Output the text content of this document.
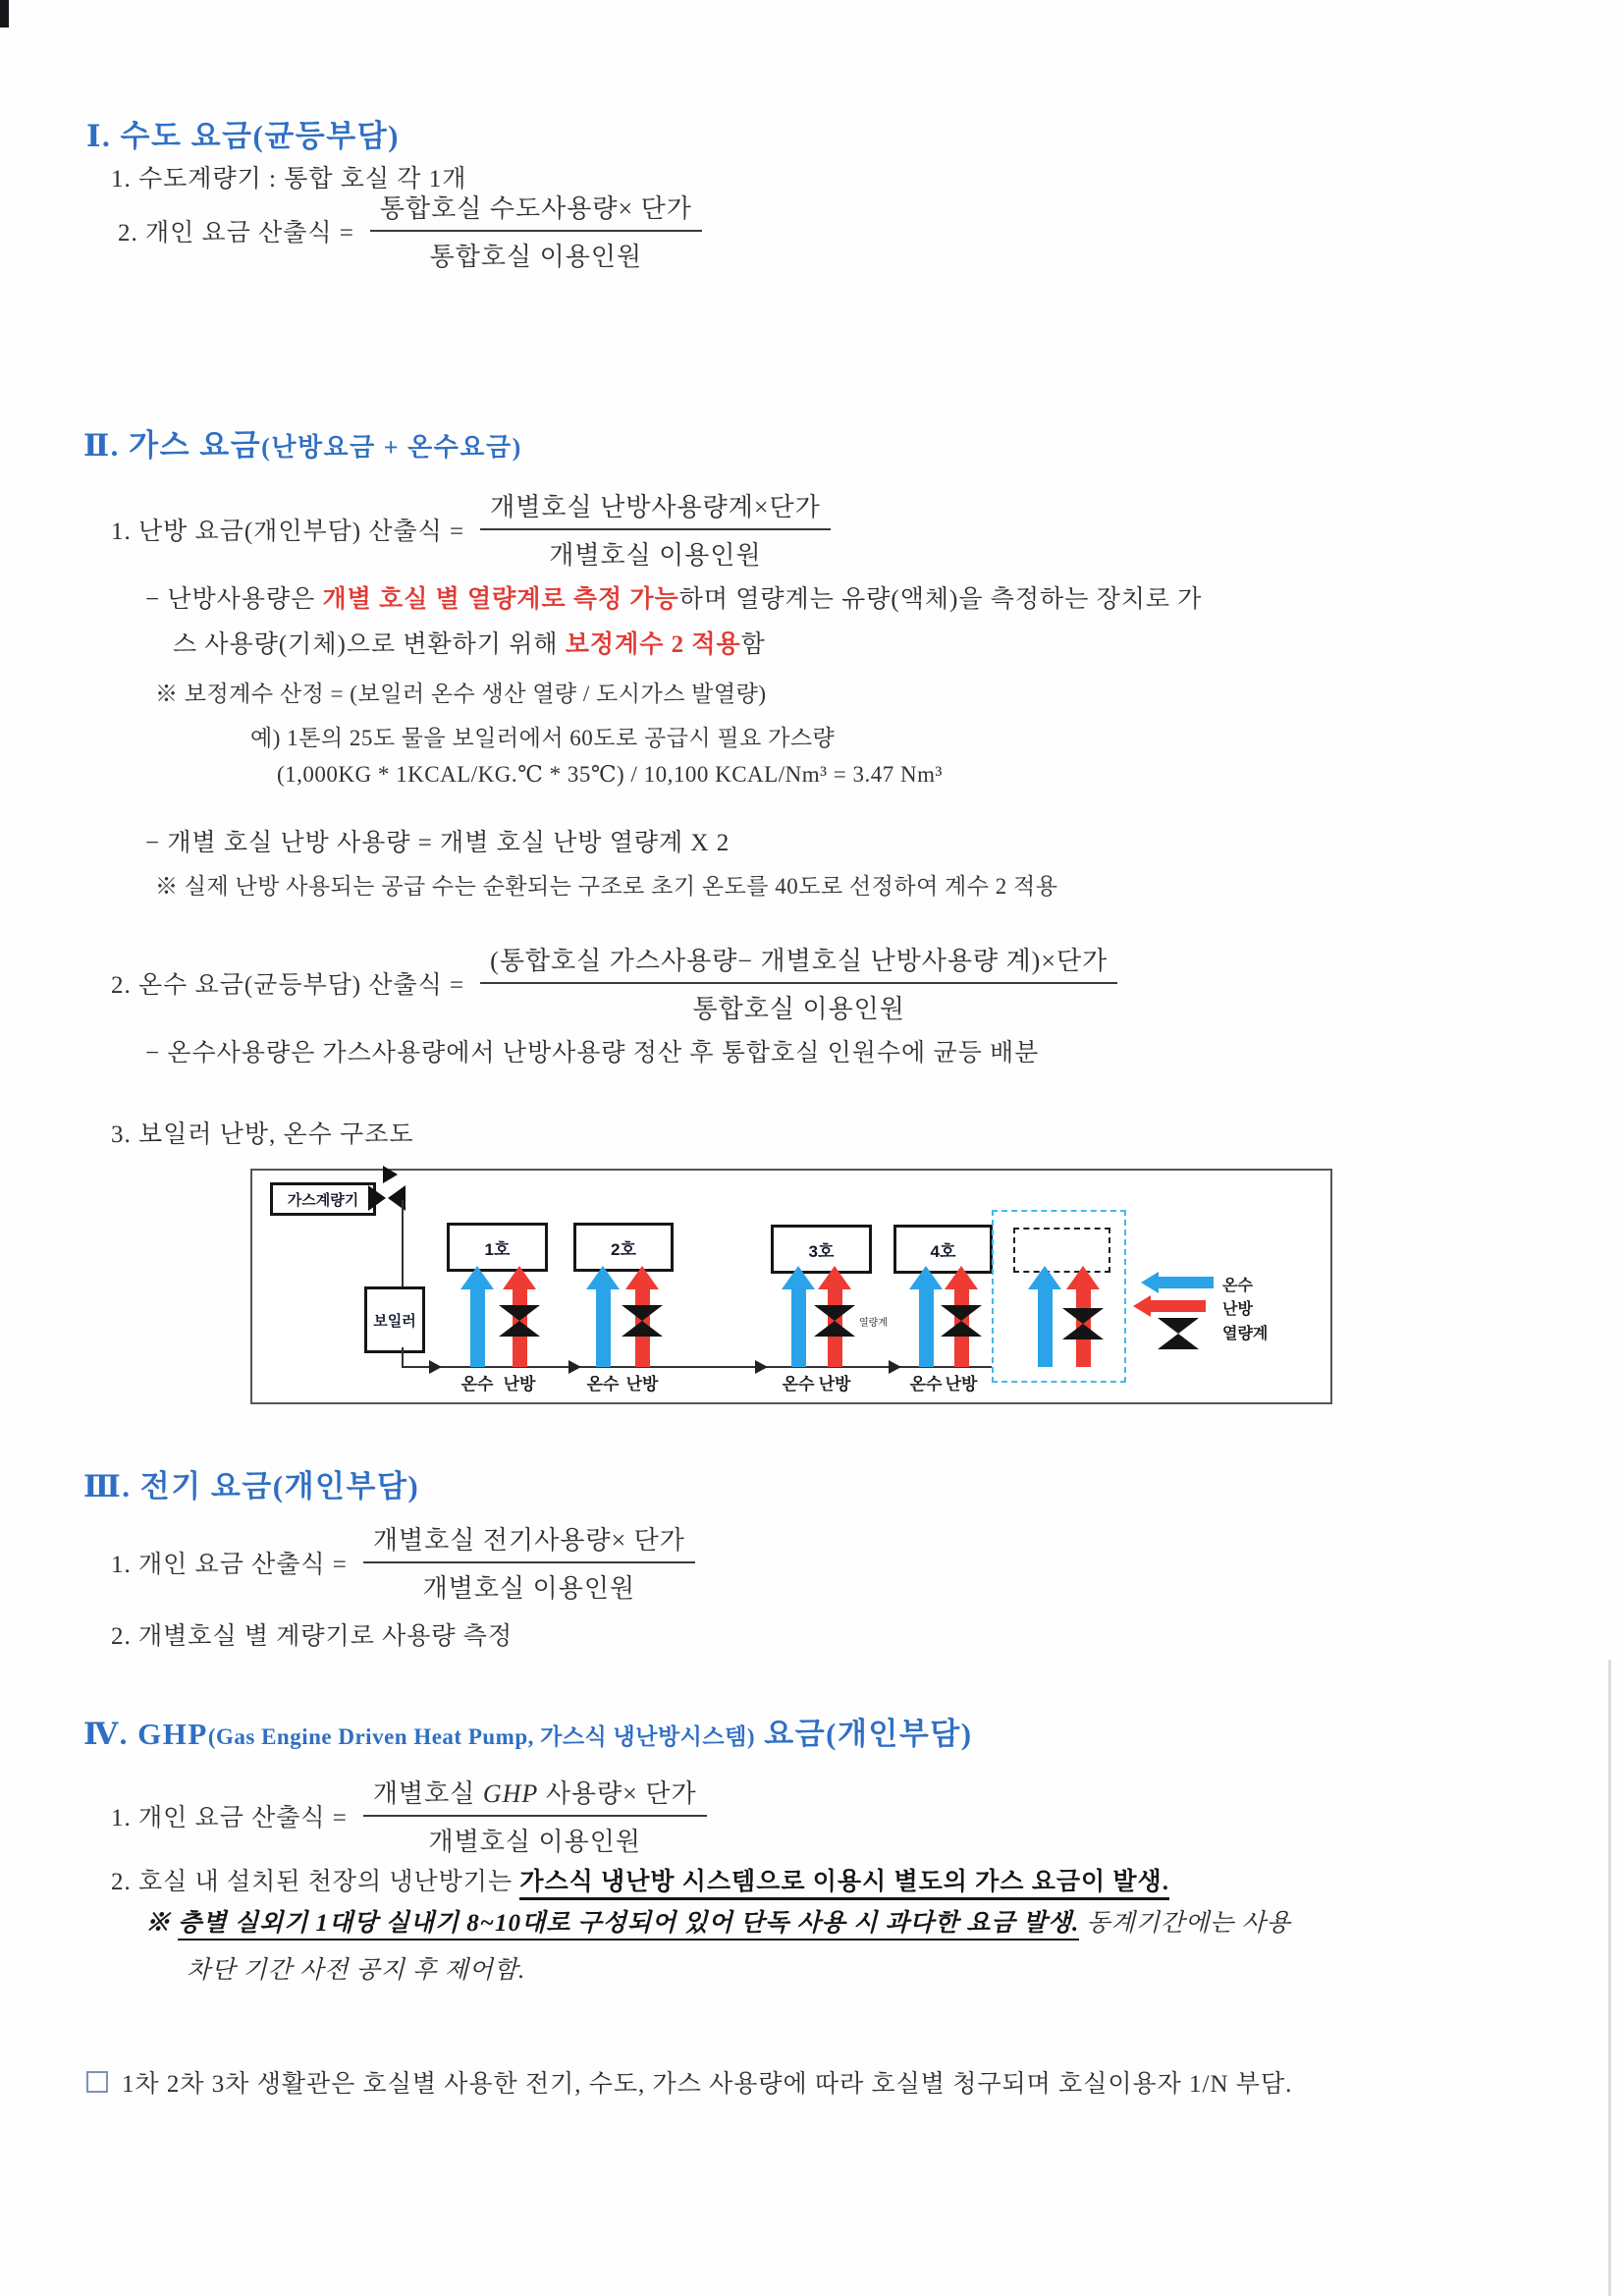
Ⅰ. 수도 요금(균등부담)
1. 수도계량기 : 통합 호실 각 1개
2. 개인 요금 산출식 = $\frac{\text{통합호실 수도사용량× 단가}}{\text{통합호실 이용인원}}$
Ⅱ. 가스 요금(난방요금 + 온수요금)
1. 난방 요금(개인부담) 산출식 = $\frac{\text{개별호실 난방사용량계×단가}}{\text{개별호실 이용인원}}$
− 난방사용량은 개별 호실 별 열량계로 측정 가능하며 열량계는 유량(액체)을 측정하는 장치로 가
스 사용량(기체)으로 변환하기 위해 보정계수 2 적용함
※ 보정계수 산정 = (보일러 온수 생산 열량 / 도시가스 발열량)
예) 1톤의 25도 물을 보일러에서 60도로 공급시 필요 가스량
(1,000KG * 1KCAL/KG.℃ * 35℃) / 10,100 KCAL/Nm³ = 3.47 Nm³
− 개별 호실 난방 사용량 = 개별 호실 난방 열량계 X 2
※ 실제 난방 사용되는 공급 수는 순환되는 구조로 초기 온도를 40도로 선정하여 계수 2 적용
2. 온수 요금(균등부담) 산출식 = $\frac{\text{(통합호실 가스사용량− 개별호실 난방사용량 계)×단가}}{\text{통합호실 이용인원}}$
− 온수사용량은 가스사용량에서 난방사용량 정산 후 통합호실 인원수에 균등 배분
3. 보일러 난방, 온수 구조도
가스계량기
보일러
1호	2호	3호	4호
열량계
온수 난방	온수 난방	온수 난방	온수 난방
온수
난방
열량계
Ⅲ. 전기 요금(개인부담)
1. 개인 요금 산출식 = $\frac{\text{개별호실 전기사용량× 단가}}{\text{개별호실 이용인원}}$
2. 개별호실 별 계량기로 사용량 측정
Ⅳ. GHP(Gas Engine Driven Heat Pump, 가스식 냉난방시스템) 요금(개인부담)
1. 개인 요금 산출식 = $\frac{\text{개별호실 GHP 사용량× 단가}}{\text{개별호실 이용인원}}$
2. 호실 내 설치된 천장의 냉난방기는 가스식 냉난방 시스템으로 이용시 별도의 가스 요금이 발생.
※ 층별 실외기 1대당 실내기 8~10대로 구성되어 있어 단독 사용 시 과다한 요금 발생. 동계기간에는 사용
차단 기간 사전 공지 후 제어함.
1차 2차 3차 생활관은 호실별 사용한 전기, 수도, 가스 사용량에 따라 호실별 청구되며 호실이용자 1/N 부담.
